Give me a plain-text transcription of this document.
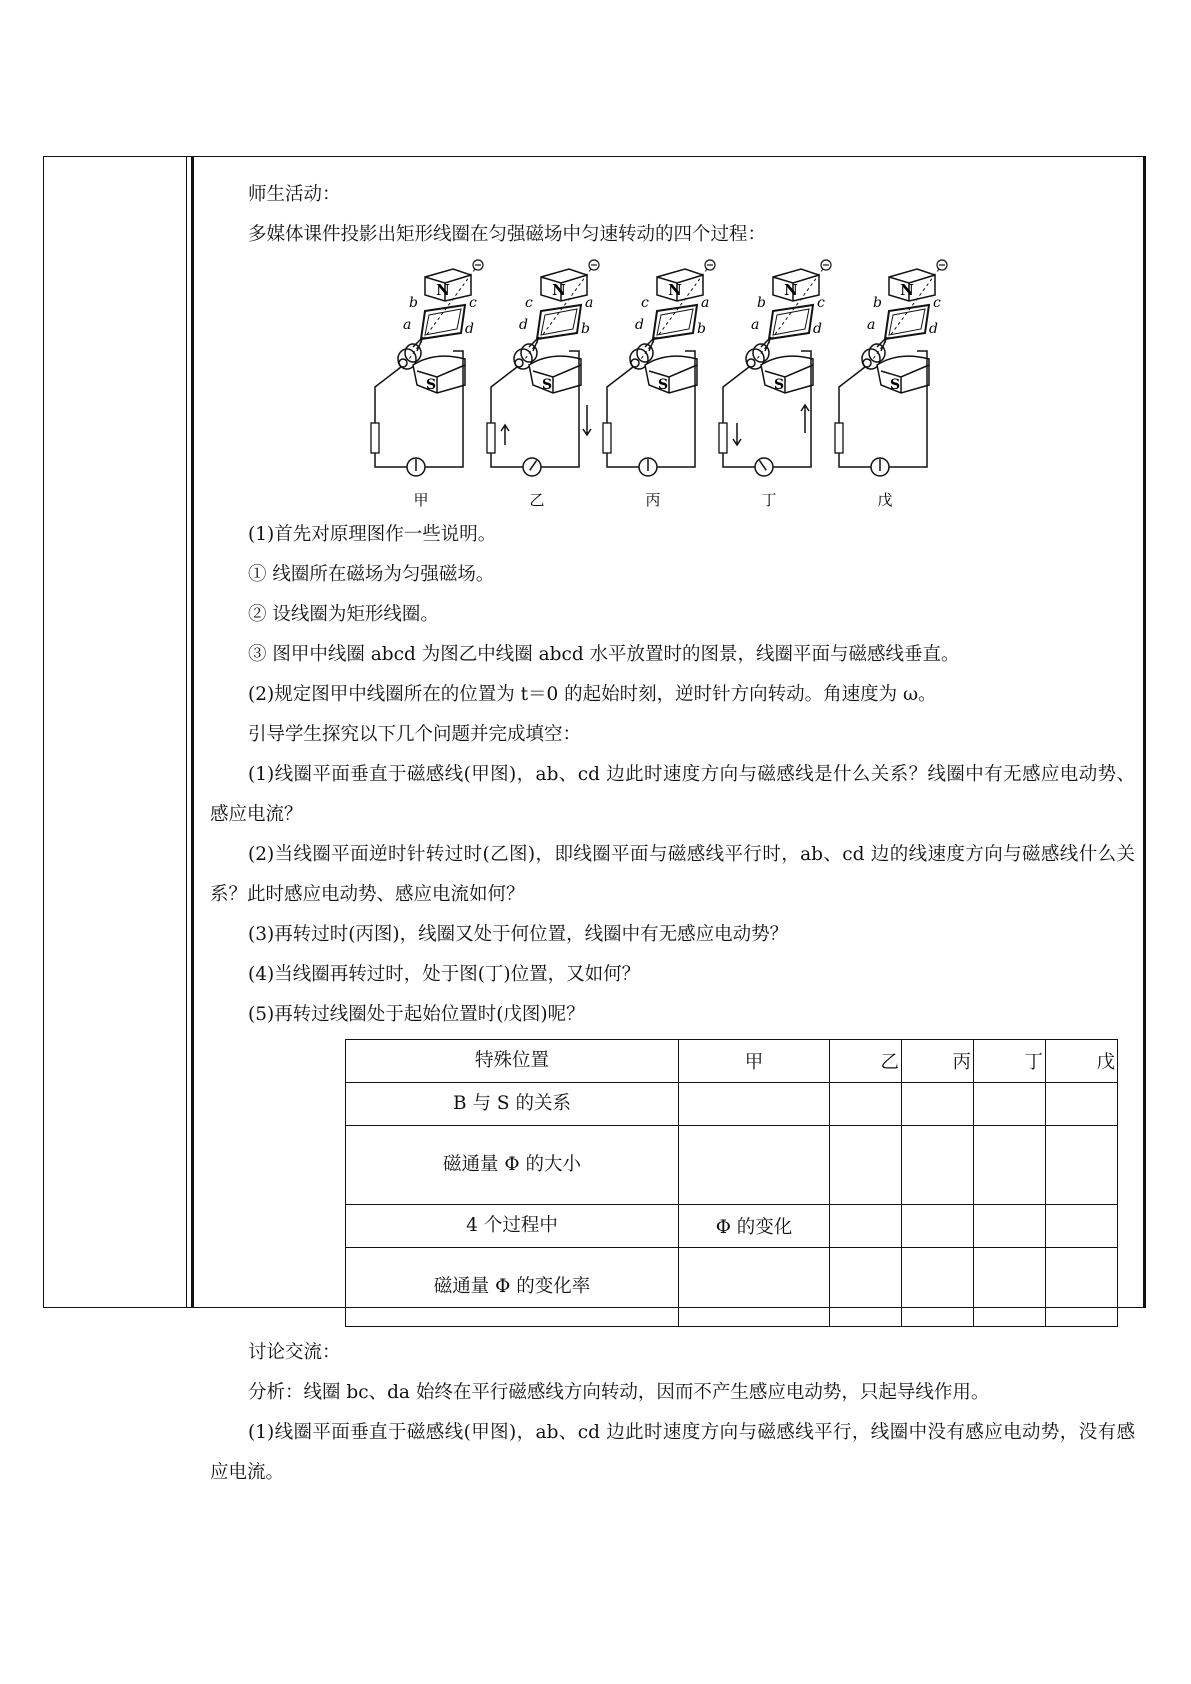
师生活动：

多媒体课件投影出矩形线圈在匀强磁场中匀速转动的四个过程：

N
S
b
a
c
d
甲
N
S
c
d
a
b
乙
N
S
c
d
a
b
丙
N
S
b
a
c
d
丁
N
S
b
a
c
d
戊

(1)首先对原理图作一些说明。

① 线圈所在磁场为匀强磁场。

② 设线圈为矩形线圈。

③ 图甲中线圈 abcd 为图乙中线圈 abcd 水平放置时的图景，线圈平面与磁感线垂直。

(2)规定图甲中线圈所在的位置为 t＝0 的起始时刻，逆时针方向转动。角速度为 ω。

引导学生探究以下几个问题并完成填空：

(1)线圈平面垂直于磁感线(甲图)，ab、cd 边此时速度方向与磁感线是什么关系？线圈中有无感应电动势、感应电流？

(2)当线圈平面逆时针转过时(乙图)，即线圈平面与磁感线平行时，ab、cd 边的线速度方向与磁感线什么关系？此时感应电动势、感应电流如何？

(3)再转过时(丙图)，线圈又处于何位置，线圈中有无感应电动势？

(4)当线圈再转过时，处于图(丁)位置，又如何？

(5)再转过线圈处于起始位置时(戊图)呢？

特殊位置	甲	乙	丙	丁	戊

B 与 S 的关系					
磁通量 Φ 的大小					
4 个过程中	Φ 的变化				
磁通量 Φ 的变化率					

讨论交流：

分析：线圈 bc、da 始终在平行磁感线方向转动，因而不产生感应电动势，只起导线作用。

(1)线圈平面垂直于磁感线(甲图)，ab、cd 边此时速度方向与磁感线平行，线圈中没有感应电动势，没有感应电流。
